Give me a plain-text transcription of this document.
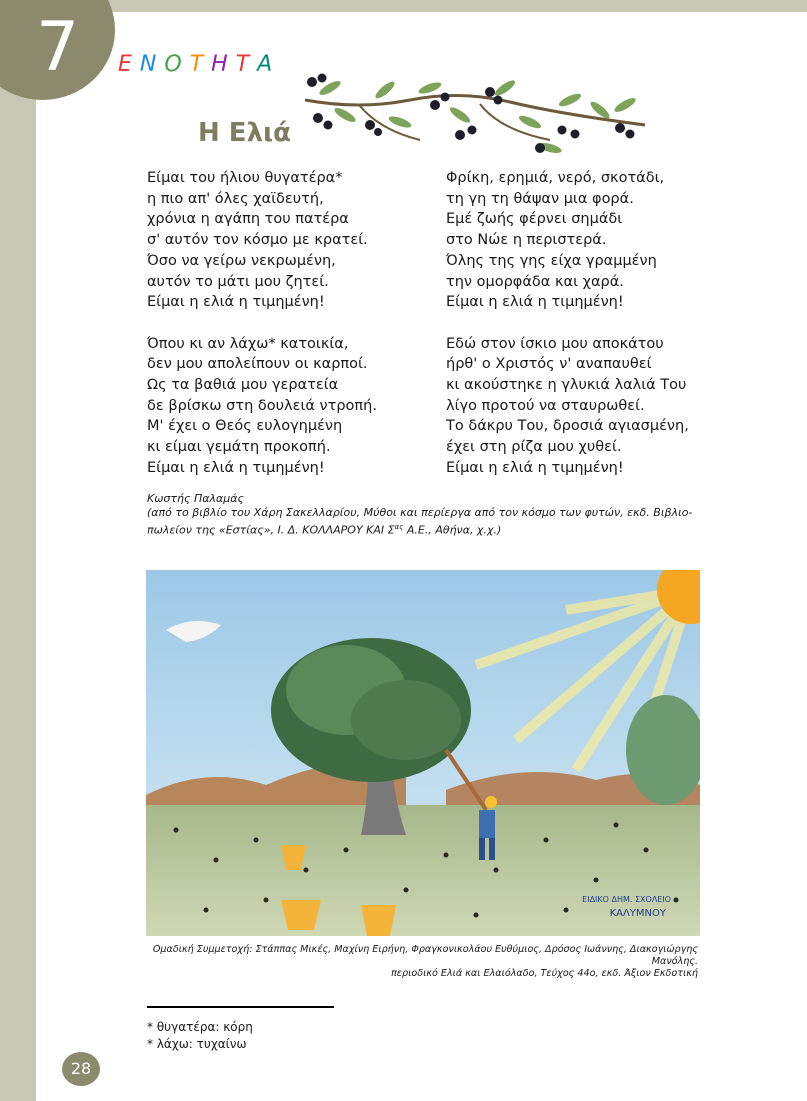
7 ΕΝΟΤΗΤΑ
Η Ελιά
Είμαι του ήλιου θυγατέρα*
η πιο απ' όλες χαϊδευτή,
χρόνια η αγάπη του πατέρα
σ' αυτόν τον κόσμο με κρατεί.
Όσο να γείρω νεκρωμένη,
αυτόν το μάτι μου ζητεί.
Είμαι η ελιά η τιμημένη!
Όπου κι αν λάχω* κατοικία,
δεν μου απολείπουν οι καρποί.
Ως τα βαθιά μου γερατεία
δε βρίσκω στη δουλειά ντροπή.
Μ' έχει ο Θεός ευλογημένη
κι είμαι γεμάτη προκοπή.
Είμαι η ελιά η τιμημένη!
Φρίκη, ερημιά, νερό, σκοτάδι,
τη γη τη θάψαν μια φορά.
Εμέ ζωής φέρνει σημάδι
στο Νώε η περιστερά.
Όλης της γης είχα γραμμένη
την ομορφάδα και χαρά.
Είμαι η ελιά η τιμημένη!
Εδώ στον ίσκιο μου αποκάτου
ήρθ' ο Χριστός ν' αναπαυθεί
κι ακούστηκε η γλυκιά λαλιά Του
λίγο προτού να σταυρωθεί.
Το δάκρυ Του, δροσιά αγιασμένη,
έχει στη ρίζα μου χυθεί.
Είμαι η ελιά η τιμημένη!
Κωστής Παλαμάς
(από το βιβλίο του Χάρη Σακελλαρίου, Μύθοι και περίεργα από τον κόσμο των φυτών, εκδ. Βιβλιο-πωλείον της «Εστίας», Ι. Δ. ΚΟΛΛΑΡΟΥ ΚΑΙ $\Sigma^{\alpha\varsigma}$ Α.Ε., Αθήνα, χ.χ.)
ΕΙΔΙΚΟ ΔΗΜ. ΣΧΟΛΕΙΟ
ΚΑΛΥΜΝΟΥ
Ομαδική Συμμετοχή: Στάππας Μικές, Μαχίνη Ειρήνη, Φραγκονικολάου Ευθύμιος, Δρόσος Ιωάννης, Διακογιώργης Μανόλης.
περιοδικό Ελιά και Ελαιόλαδο, Τεύχος 44ο, εκδ. Άξιον Εκδοτική
* θυγατέρα: κόρη
* λάχω: τυχαίνω
28
